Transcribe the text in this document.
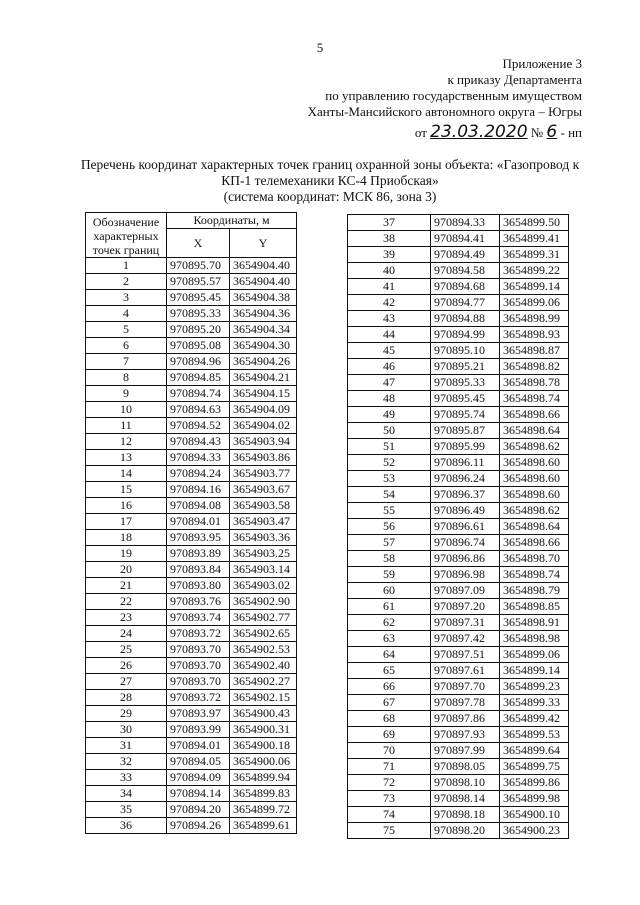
5
Приложение 3
к приказу Департамента
по управлению государственным имуществом
Ханты-Мансийского автономного округа – Югры
от 23.03.2020 № 6 - нп
Перечень координат характерных точек границ охранной зоны объекта: «Газопровод к
КП-1 телемеханики КС-4 Приобская»
(система координат: МСК 86, зона 3)
Обозначение характерных точек границ	Координаты, м	
	X	Y
1	970895.70	3654904.40
2	970895.57	3654904.40
3	970895.45	3654904.38
4	970895.33	3654904.36
5	970895.20	3654904.34
6	970895.08	3654904.30
7	970894.96	3654904.26
8	970894.85	3654904.21
9	970894.74	3654904.15
10	970894.63	3654904.09
11	970894.52	3654904.02
12	970894.43	3654903.94
13	970894.33	3654903.86
14	970894.24	3654903.77
15	970894.16	3654903.67
16	970894.08	3654903.58
17	970894.01	3654903.47
18	970893.95	3654903.36
19	970893.89	3654903.25
20	970893.84	3654903.14
21	970893.80	3654903.02
22	970893.76	3654902.90
23	970893.74	3654902.77
24	970893.72	3654902.65
25	970893.70	3654902.53
26	970893.70	3654902.40
27	970893.70	3654902.27
28	970893.72	3654902.15
29	970893.97	3654900.43
30	970893.99	3654900.31
31	970894.01	3654900.18
32	970894.05	3654900.06
33	970894.09	3654899.94
34	970894.14	3654899.83
35	970894.20	3654899.72
36	970894.26	3654899.61
37	970894.33	3654899.50
38	970894.41	3654899.41
39	970894.49	3654899.31
40	970894.58	3654899.22
41	970894.68	3654899.14
42	970894.77	3654899.06
43	970894.88	3654898.99
44	970894.99	3654898.93
45	970895.10	3654898.87
46	970895.21	3654898.82
47	970895.33	3654898.78
48	970895.45	3654898.74
49	970895.74	3654898.66
50	970895.87	3654898.64
51	970895.99	3654898.62
52	970896.11	3654898.60
53	970896.24	3654898.60
54	970896.37	3654898.60
55	970896.49	3654898.62
56	970896.61	3654898.64
57	970896.74	3654898.66
58	970896.86	3654898.70
59	970896.98	3654898.74
60	970897.09	3654898.79
61	970897.20	3654898.85
62	970897.31	3654898.91
63	970897.42	3654898.98
64	970897.51	3654899.06
65	970897.61	3654899.14
66	970897.70	3654899.23
67	970897.78	3654899.33
68	970897.86	3654899.42
69	970897.93	3654899.53
70	970897.99	3654899.64
71	970898.05	3654899.75
72	970898.10	3654899.86
73	970898.14	3654899.98
74	970898.18	3654900.10
75	970898.20	3654900.23
